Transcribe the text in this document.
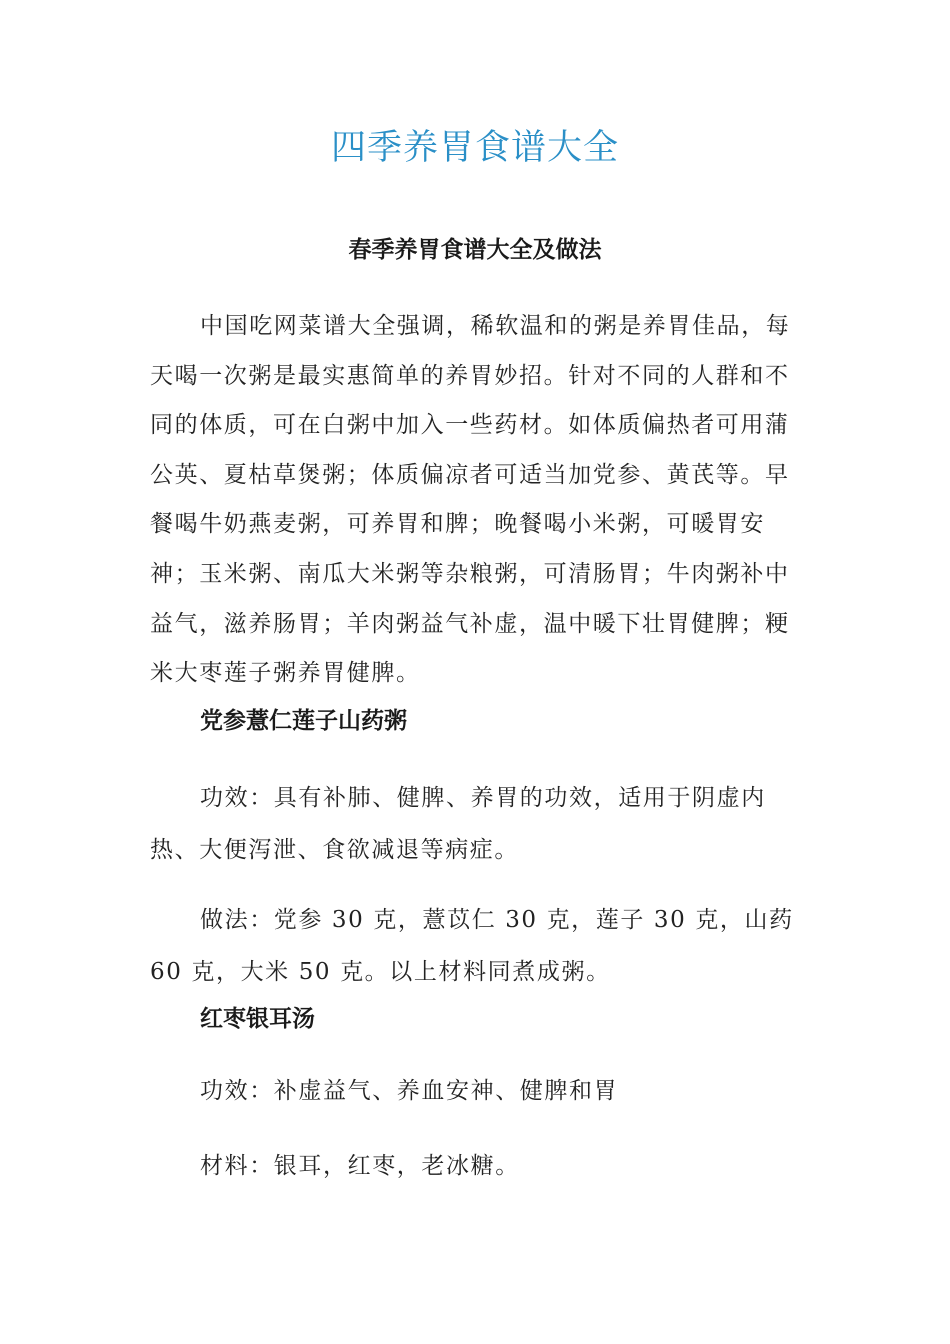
四季养胃食谱大全
春季养胃食谱大全及做法

中国吃网菜谱大全强调，稀软温和的粥是养胃佳品，每天喝一次粥是最实惠简单的养胃妙招。针对不同的人群和不同的体质，可在白粥中加入一些药材。如体质偏热者可用蒲公英、夏枯草煲粥；体质偏凉者可适当加党参、黄芪等。早餐喝牛奶燕麦粥，可养胃和脾；晚餐喝小米粥，可暖胃安神；玉米粥、南瓜大米粥等杂粮粥，可清肠胃；牛肉粥补中益气，滋养肠胃；羊肉粥益气补虚，温中暖下壮胃健脾；粳米大枣莲子粥养胃健脾。

党参薏仁莲子山药粥

功效：具有补肺、健脾、养胃的功效，适用于阴虚内热、大便泻泄、食欲减退等病症。

做法：党参 30 克，薏苡仁 30 克，莲子 30 克，山药 60 克，大米 50 克。以上材料同煮成粥。

红枣银耳汤

功效：补虚益气、养血安神、健脾和胃

材料：银耳，红枣，老冰糖。
